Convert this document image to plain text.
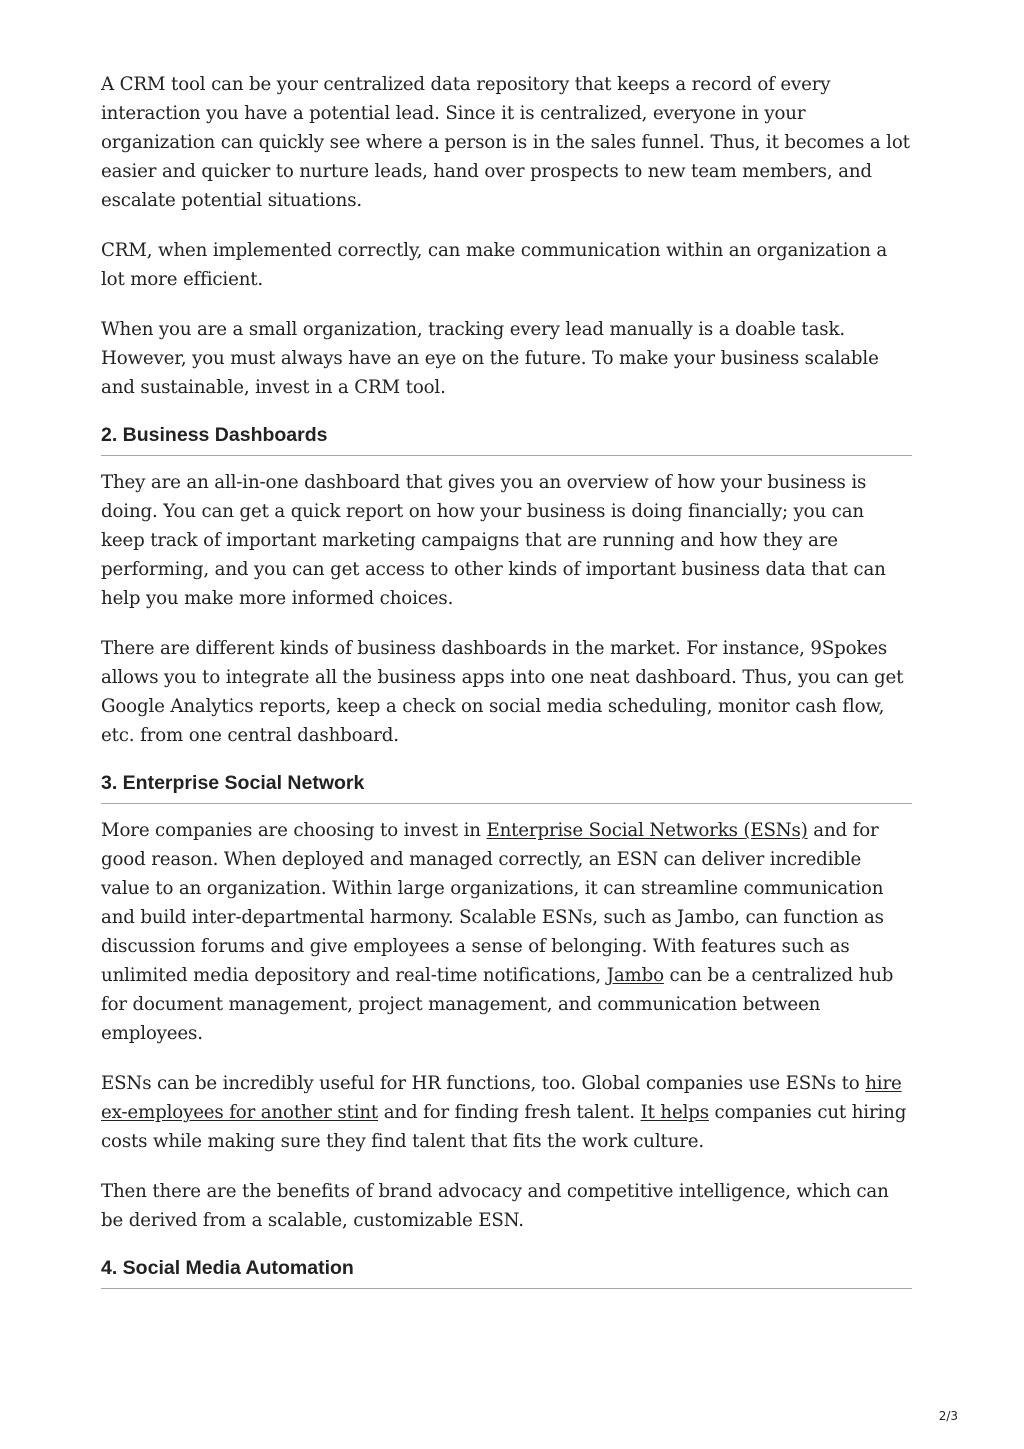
A CRM tool can be your centralized data repository that keeps a record of every interaction you have a potential lead. Since it is centralized, everyone in your organization can quickly see where a person is in the sales funnel. Thus, it becomes a lot easier and quicker to nurture leads, hand over prospects to new team members, and escalate potential situations.

CRM, when implemented correctly, can make communication within an organization a lot more efficient.

When you are a small organization, tracking every lead manually is a doable task. However, you must always have an eye on the future. To make your business scalable and sustainable, invest in a CRM tool.

2. Business Dashboards

They are an all-in-one dashboard that gives you an overview of how your business is doing. You can get a quick report on how your business is doing financially; you can keep track of important marketing campaigns that are running and how they are performing, and you can get access to other kinds of important business data that can help you make more informed choices.

There are different kinds of business dashboards in the market. For instance, 9Spokes allows you to integrate all the business apps into one neat dashboard. Thus, you can get Google Analytics reports, keep a check on social media scheduling, monitor cash flow, etc. from one central dashboard.

3. Enterprise Social Network

More companies are choosing to invest in Enterprise Social Networks (ESNs) and for good reason. When deployed and managed correctly, an ESN can deliver incredible value to an organization. Within large organizations, it can streamline communication and build inter-departmental harmony. Scalable ESNs, such as Jambo, can function as discussion forums and give employees a sense of belonging. With features such as unlimited media depository and real-time notifications, Jambo can be a centralized hub for document management, project management, and communication between employees.

ESNs can be incredibly useful for HR functions, too. Global companies use ESNs to hire ex-employees for another stint and for finding fresh talent. It helps companies cut hiring costs while making sure they find talent that fits the work culture.

Then there are the benefits of brand advocacy and competitive intelligence, which can be derived from a scalable, customizable ESN.

4. Social Media Automation
2/3
